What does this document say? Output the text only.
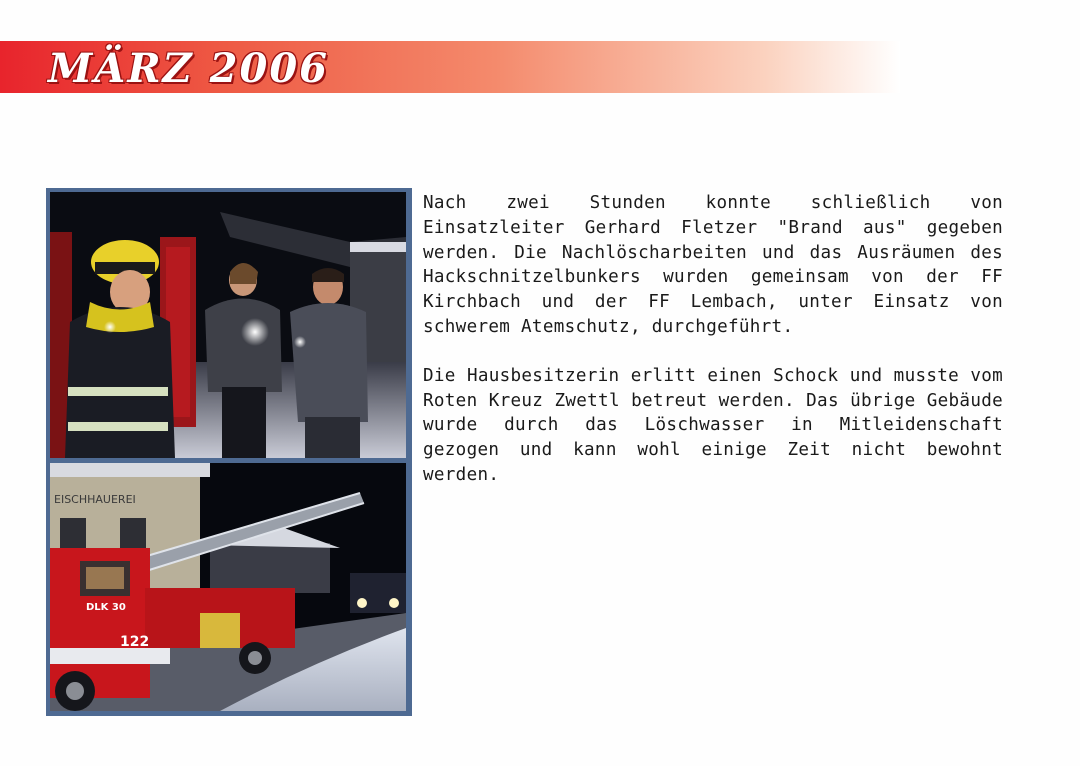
MÄRZ 2006
EISCHHAUEREI
DLK 30
122

Nach zwei Stunden konnte schließlich von Einsatzleiter Gerhard Fletzer "Brand aus" gegeben werden. Die Nachlöscharbeiten und das Ausräumen des Hackschnitzelbunkers wurden gemeinsam von der FF Kirchbach und der FF Lembach, unter Einsatz von schwerem Atemschutz, durchgeführt.

Die Hausbesitzerin erlitt einen Schock und musste vom Roten Kreuz Zwettl betreut werden. Das übrige Gebäude wurde durch das Löschwasser in Mitleidenschaft gezogen und kann wohl einige Zeit nicht bewohnt werden.
